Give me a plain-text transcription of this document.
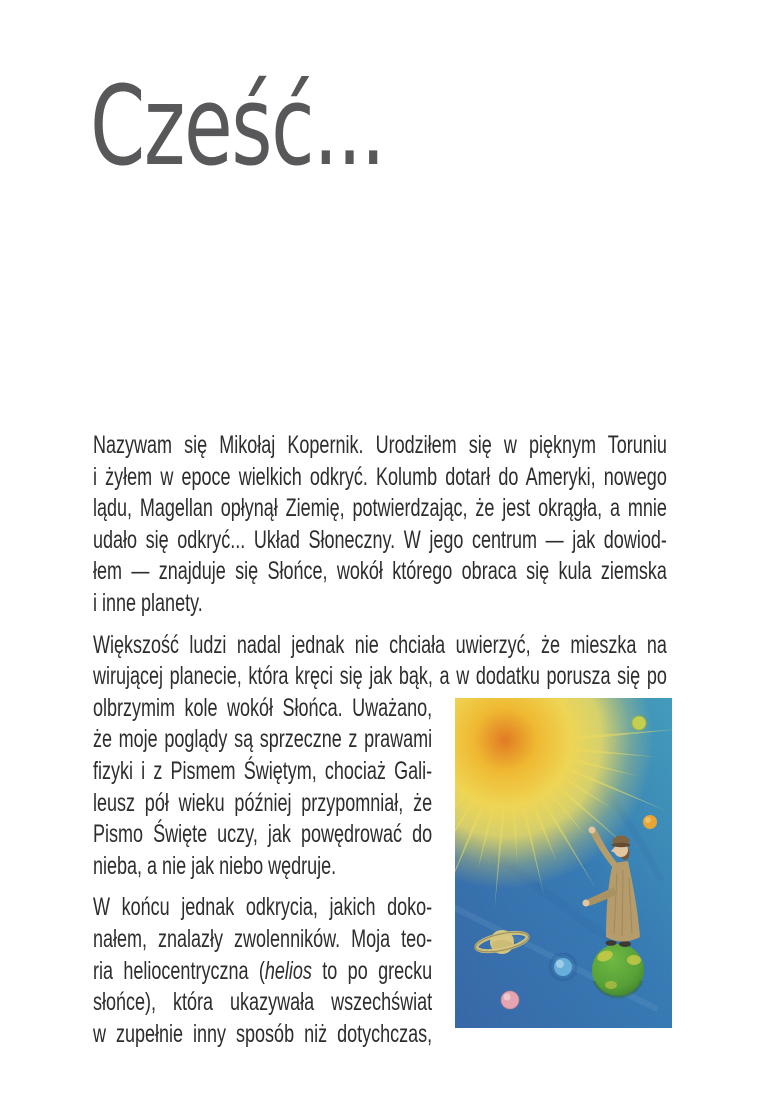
Cześć...
Nazywam się Mikołaj Kopernik. Urodziłem się w pięknym Toruniu
i żyłem w epoce wielkich odkryć. Kolumb dotarł do Ameryki, nowego
lądu, Magellan opłynął Ziemię, potwierdzając, że jest okrągła, a mnie
udało się odkryć... Układ Słoneczny. W jego centrum — jak dowiod-
łem — znajduje się Słońce, wokół którego obraca się kula ziemska
i inne planety.
Większość ludzi nadal jednak nie chciała uwierzyć, że mieszka na
wirującej planecie, która kręci się jak bąk, a w dodatku porusza się po
olbrzymim kole wokół Słońca. Uważano,
że moje poglądy są sprzeczne z prawami
fizyki i z Pismem Świętym, chociaż Gali-
leusz pół wieku później przypomniał, że
Pismo Święte uczy, jak powędrować do
nieba, a nie jak niebo wędruje.
W końcu jednak odkrycia, jakich doko-
nałem, znalazły zwolenników. Moja teo-
ria heliocentryczna (helios to po grecku
słońce), która ukazywała wszechświat
w zupełnie inny sposób niż dotychczas,
